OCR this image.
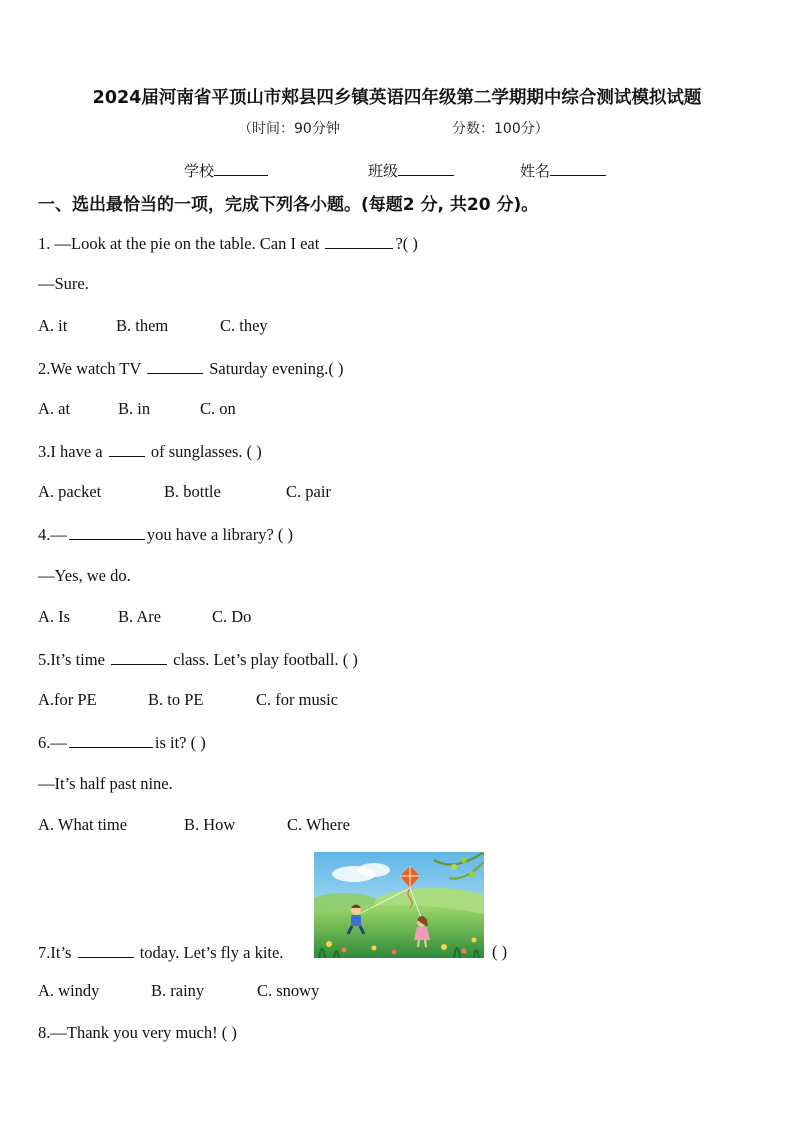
2024届河南省平顶山市郏县四乡镇英语四年级第二学期期中综合测试模拟试题
（时间：90分钟	分数：100分）
学校	班级	姓名
一、选出最恰当的一项，完成下列各小题。(每题2 分, 共20 分)。
1. —Look at the pie on the table. Can I eat	?( )
—Sure.
A. it	B. them	C. they
2.We watch TV	Saturday evening.( )
A. at	B. in	C. on
3.I have a  of sunglasses. ( )
A. packet	B. bottle	C. pair
4.—	you have a library? ( )
—Yes, we do.
A. Is	B. Are	C. Do
5.It’s time	class. Let’s play football. ( )
A.for PE	B. to PE	C. for music
6.—	is it? ( )
—It’s half past nine.
A. What time	B. How	C. Where
7.It’s	today. Let’s fly a kite.	( )
A. windy	B. rainy	C. snowy
8.—Thank you very much! ( )
